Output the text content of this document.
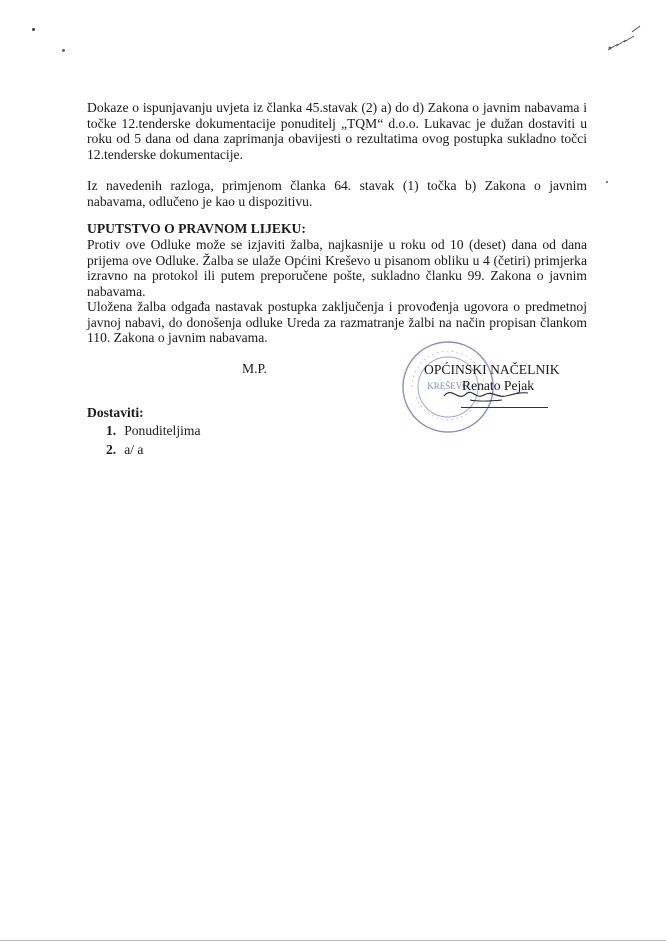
Dokaze o ispunjavanju uvjeta iz članka 45.stavak (2) a) do d) Zakona o javnim nabavama i točke 12.tenderske dokumentacije ponuditelj „TQM“ d.o.o. Lukavac je dužan dostaviti u roku od 5 dana od dana zaprimanja obavijesti o rezultatima ovog postupka sukladno točci 12.tenderske dokumentacije.

Iz navedenih razloga, primjenom članka 64. stavak (1) točka b) Zakona o javnim nabavama, odlučeno je kao u dispozitivu.

UPUTSTVO O PRAVNOM LIJEKU:

Protiv ove Odluke može se izjaviti žalba, najkasnije u roku od 10 (deset) dana od dana prijema ove Odluke. Žalba se ulaže Općini Kreševo u pisanom obliku u 4 (četiri) primjerka izravno na protokol ili putem preporučene pošte, sukladno članku 99. Zakona o javnim nabavama.

Uložena žalba odgađa nastavak postupka zaključenja i provođenja ugovora o predmetnoj javnoj nabavi, do donošenja odluke Ureda za razmatranje žalbi na način propisan člankom 110. Zakona o javnim nabavama.

M.P.
KREŠEVO
OPĆINSKI NAČELNIK
Renato Pejak
Dostaviti:
1. Ponuditeljima
2. a/ a
